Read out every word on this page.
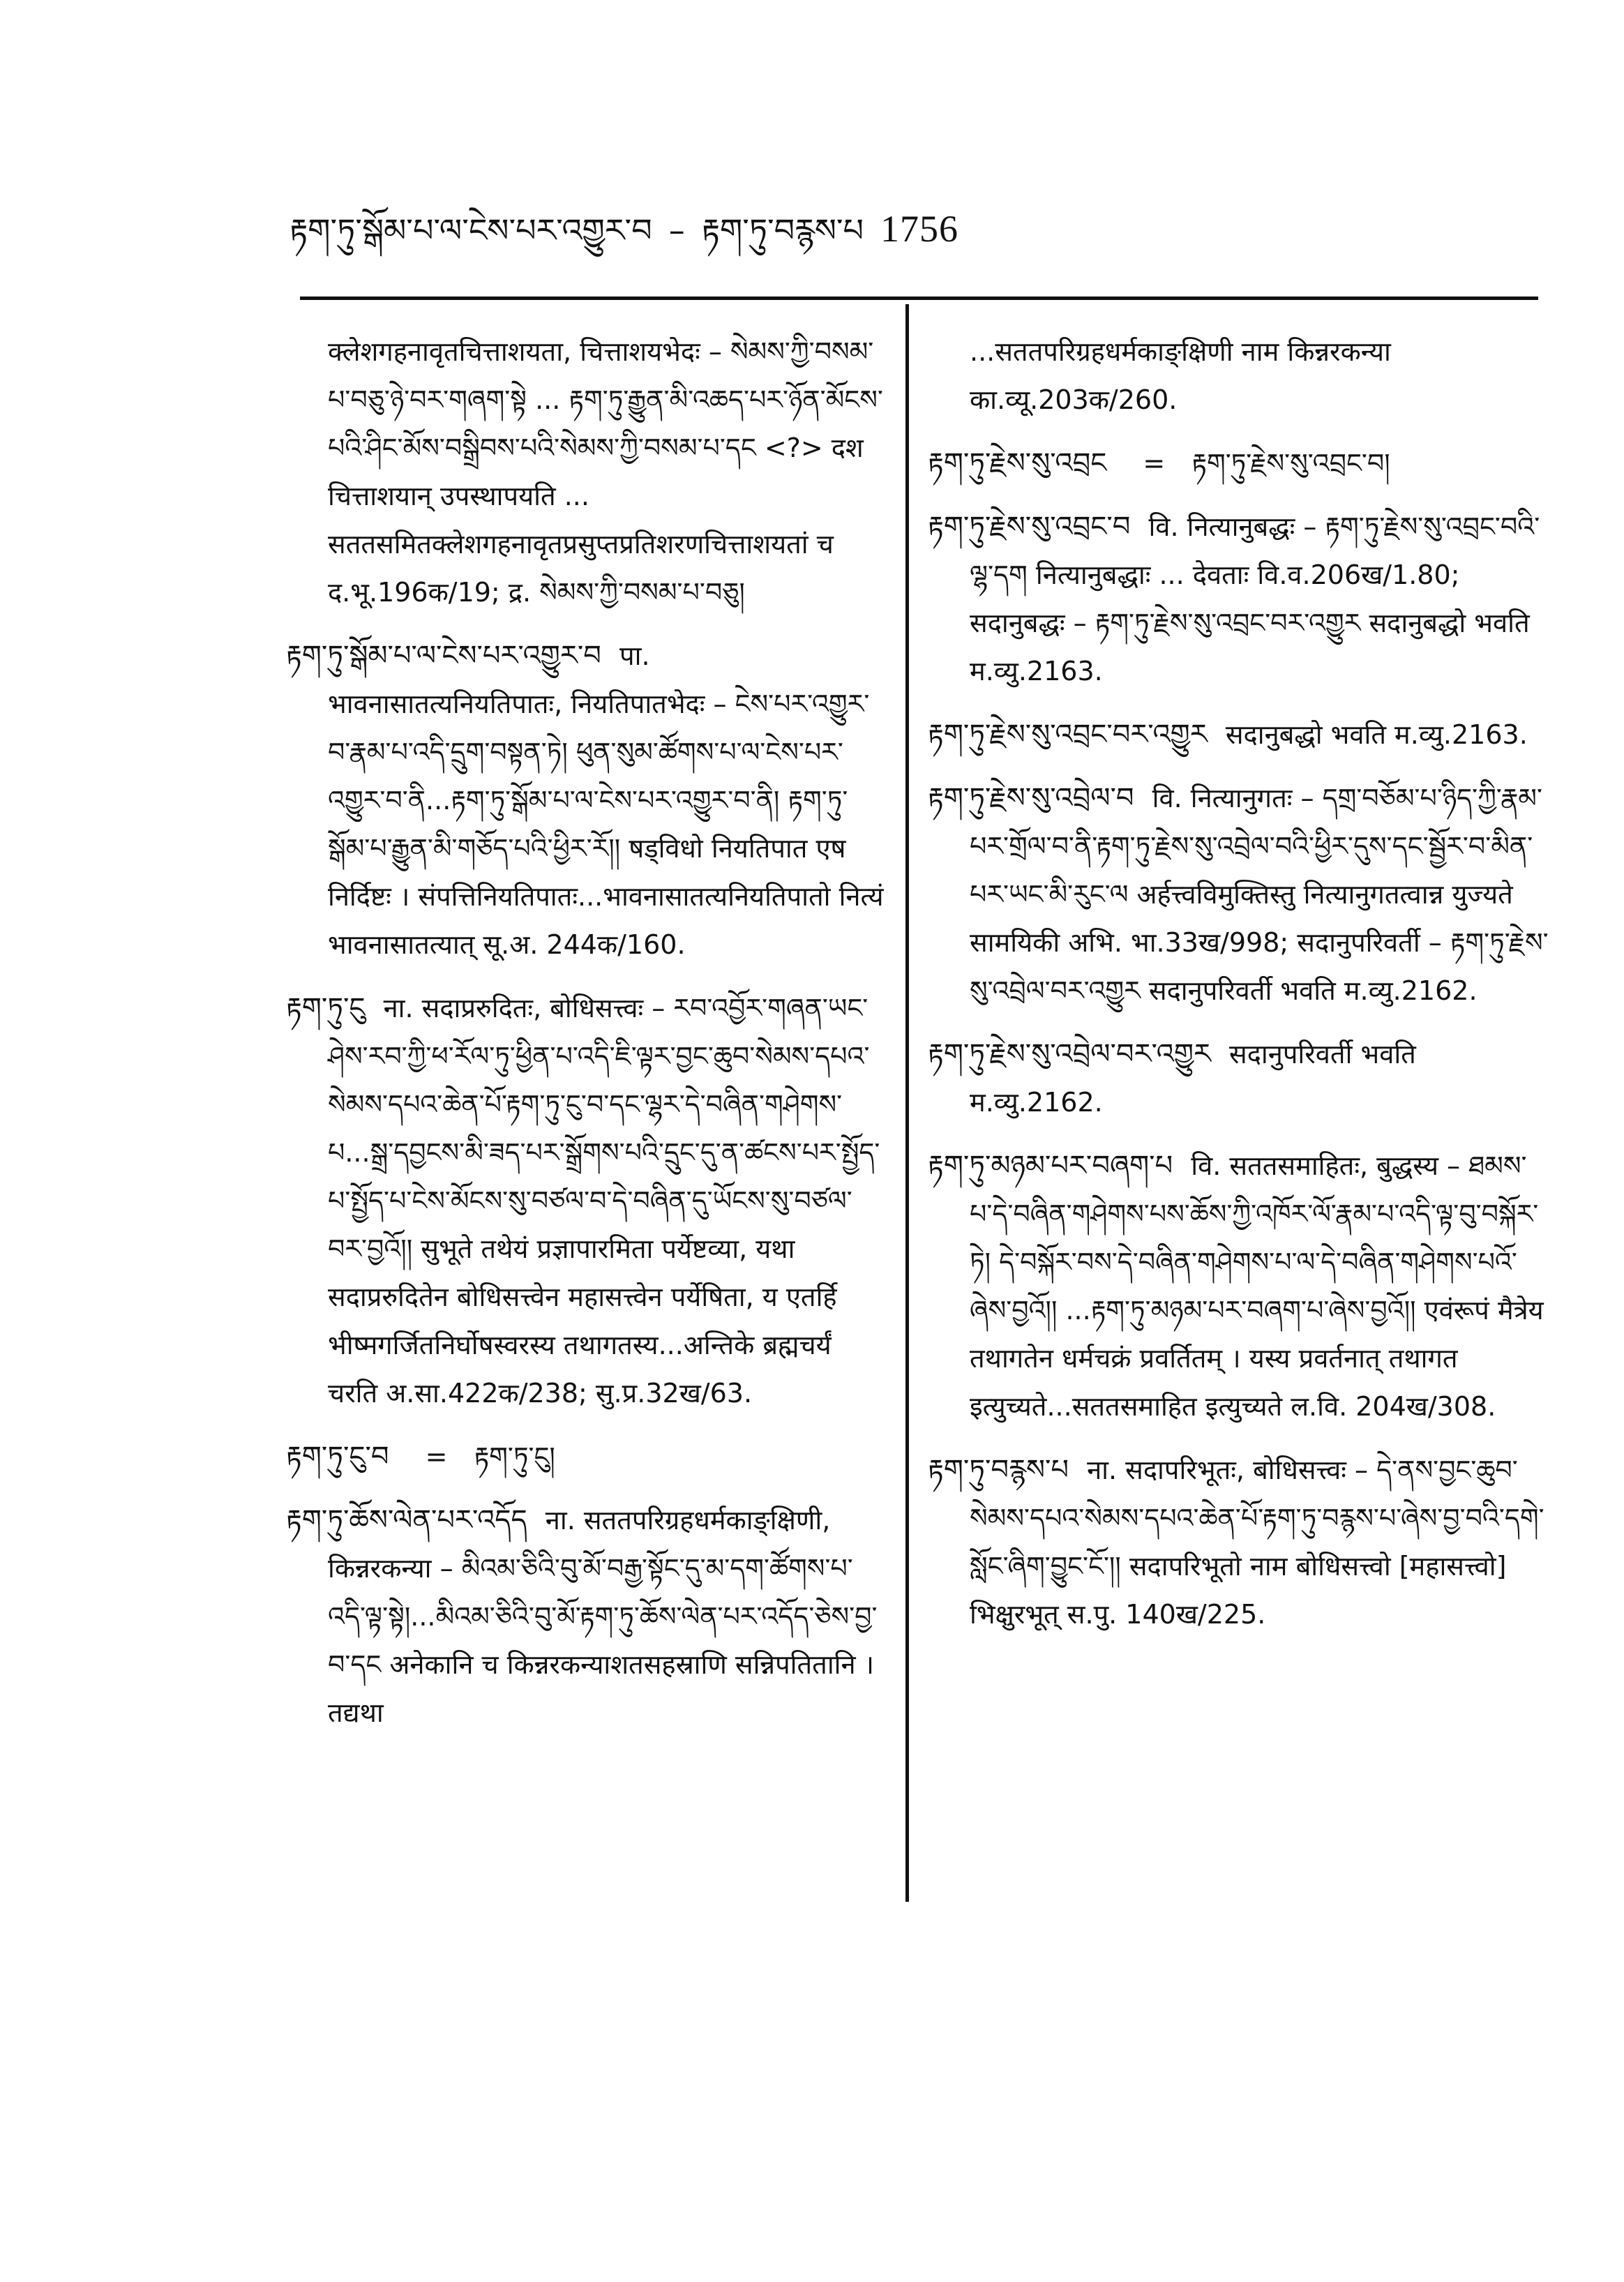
རྟག་ཏུ་སྒོམ་པ་ལ་ངེས་པར་འགྱུར་བ – རྟག་ཏུ་བརྙས་པ 1756

क्लेशगहनावृतचित्ताशयता, चित्ताशयभेदः – སེམས་ཀྱི་བསམ་པ་བཅུ་ཉེ་བར་གཞག་སྟེ ... རྟག་ཏུ་རྒྱུན་མི་འཆད་པར་ཉོན་མོངས་པའི་ཤིང་མོས་བསྒྲིབས་པའི་སེམས་ཀྱི་བསམ་པ་དང <?> दश चित्ताशयान् उपस्थापयति ... सततसमितक्लेशगहनावृतप्रसुप्तप्रतिशरणचित्ताशयतां च द.भू.196क/19; द्र. སེམས་ཀྱི་བསམ་པ་བཅུ།

རྟག་ཏུ་སྒོམ་པ་ལ་ངེས་པར་འགྱུར་བ पा. भावनासातत्यनियतिपातः, नियतिपातभेदः – ངེས་པར་འགྱུར་བ་རྣམ་པ་འདི་དྲུག་བསྟན་ཏེ། ཕུན་སུམ་ཚོགས་པ་ལ་ངེས་པར་འགྱུར་བ་ནི...རྟག་ཏུ་སྒོམ་པ་ལ་ངེས་པར་འགྱུར་བ་ནི། རྟག་ཏུ་སྒོམ་པ་རྒྱུན་མི་གཅོད་པའི་ཕྱིར་རོ།། षड्विधो नियतिपात एष निर्दिष्टः । संपत्तिनियतिपातः...भावनासातत्यनियतिपातो नित्यं भावनासातत्यात् सू.अ. 244क/160.

རྟག་ཏུ་ངུ ना. सदाप्ररुदितः, बोधिसत्त्वः – རབ་འབྱོར་གཞན་ཡང་ཤེས་རབ་ཀྱི་ཕ་རོལ་ཏུ་ཕྱིན་པ་འདི་ཇི་ལྟར་བྱང་ཆུབ་སེམས་དཔའ་སེམས་དཔའ་ཆེན་པོ་རྟག་ཏུ་ངུ་བ་དང་ལྷར་དེ་བཞིན་གཤེགས་པ...སྒྲ་དབྱངས་མི་ཟད་པར་སྒྲོགས་པའི་དྲུང་དུ་ན་ཚངས་པར་སྤྱོད་པ་སྤྱོད་པ་ངེས་མོངས་སུ་བཙལ་བ་དེ་བཞིན་དུ་ཡོངས་སུ་བཙལ་བར་བྱའོ།། सुभूते तथेयं प्रज्ञापारमिता पर्येष्टव्या, यथा सदाप्ररुदितेन बोधिसत्त्वेन महासत्त्वेन पर्येषिता, य एतर्हि भीष्मगर्जितनिर्घोषस्वरस्य तथागतस्य...अन्तिके ब्रह्मचर्यं चरति अ.सा.422क/238; सु.प्र.32ख/63.

རྟག་ཏུ་ངུ་བ = རྟག་ཏུ་ངུ།

རྟག་ཏུ་ཆོས་ལེན་པར་འདོད ना. सततपरिग्रहधर्मकाङ्क्षिणी, किन्नरकन्या – མིའམ་ཅིའི་བུ་མོ་བརྒྱ་སྟོང་དུ་མ་དག་ཚོགས་པ་འདི་ལྟ་སྟེ།...མིའམ་ཅིའི་བུ་མོ་རྟག་ཏུ་ཆོས་ལེན་པར་འདོད་ཅེས་བྱ་བ་དང अनेकानि च किन्नरकन्याशतसहस्राणि सन्निपतितानि । तद्यथा

...सततपरिग्रहधर्मकाङ्क्षिणी नाम किन्नरकन्या का.व्यू.203क/260.

རྟག་ཏུ་རྗེས་སུ་འབྲང = རྟག་ཏུ་རྗེས་སུ་འབྲང་བ།

རྟག་ཏུ་རྗེས་སུ་འབྲང་བ वि. नित्यानुबद्धः – རྟག་ཏུ་རྗེས་སུ་འབྲང་བའི་ལྷ་དག नित्यानुबद्धाः ... देवताः वि.व.206ख/1.80; सदानुबद्धः – རྟག་ཏུ་རྗེས་སུ་འབྲང་བར་འགྱུར सदानुबद्धो भवति म.व्यु.2163.

རྟག་ཏུ་རྗེས་སུ་འབྲང་བར་འགྱུར सदानुबद्धो भवति म.व्यु.2163.

རྟག་ཏུ་རྗེས་སུ་འབྲེལ་བ वि. नित्यानुगतः – དགྲ་བཅོམ་པ་ཉིད་ཀྱི་རྣམ་པར་གྲོལ་བ་ནི་རྟག་ཏུ་རྗེས་སུ་འབྲེལ་བའི་ཕྱིར་དུས་དང་སྦྱོར་བ་མིན་པར་ཡང་མི་རུང་ལ अर्हत्त्वविमुक्तिस्तु नित्यानुगतत्वान्न युज्यते सामयिकी अभि. भा.33ख/998; सदानुपरिवर्ती – རྟག་ཏུ་རྗེས་སུ་འབྲེལ་བར་འགྱུར सदानुपरिवर्ती भवति म.व्यु.2162.

རྟག་ཏུ་རྗེས་སུ་འབྲེལ་བར་འགྱུར सदानुपरिवर्ती भवति म.व्यु.2162.

རྟག་ཏུ་མཉམ་པར་བཞག་པ वि. सततसमाहितः, बुद्धस्य – ཐམས་པ་དེ་བཞིན་གཤེགས་པས་ཆོས་ཀྱི་འཁོར་ལོ་རྣམ་པ་འདི་ལྟ་བུ་བསྐོར་ཏེ། དེ་བསྐོར་བས་དེ་བཞིན་གཤེགས་པ་ལ་དེ་བཞིན་གཤེགས་པའོ་ཞེས་བྱའོ།། ...རྟག་ཏུ་མཉམ་པར་བཞག་པ་ཞེས་བྱའོ།། एवंरूपं मैत्रेय तथागतेन धर्मचक्रं प्रवर्तितम् । यस्य प्रवर्तनात् तथागत इत्युच्यते...सततसमाहित इत्युच्यते ल.वि. 204ख/308.

རྟག་ཏུ་བརྙས་པ ना. सदापरिभूतः, बोधिसत्त्वः – དེ་ནས་བྱང་ཆུབ་སེམས་དཔའ་སེམས་དཔའ་ཆེན་པོ་རྟག་ཏུ་བརྙས་པ་ཞེས་བྱ་བའི་དགེ་སློང་ཞིག་བྱུང་ངོ་།། सदापरिभूतो नाम बोधिसत्त्वो [महासत्त्वो] भिक्षुरभूत् स.पु. 140ख/225.
